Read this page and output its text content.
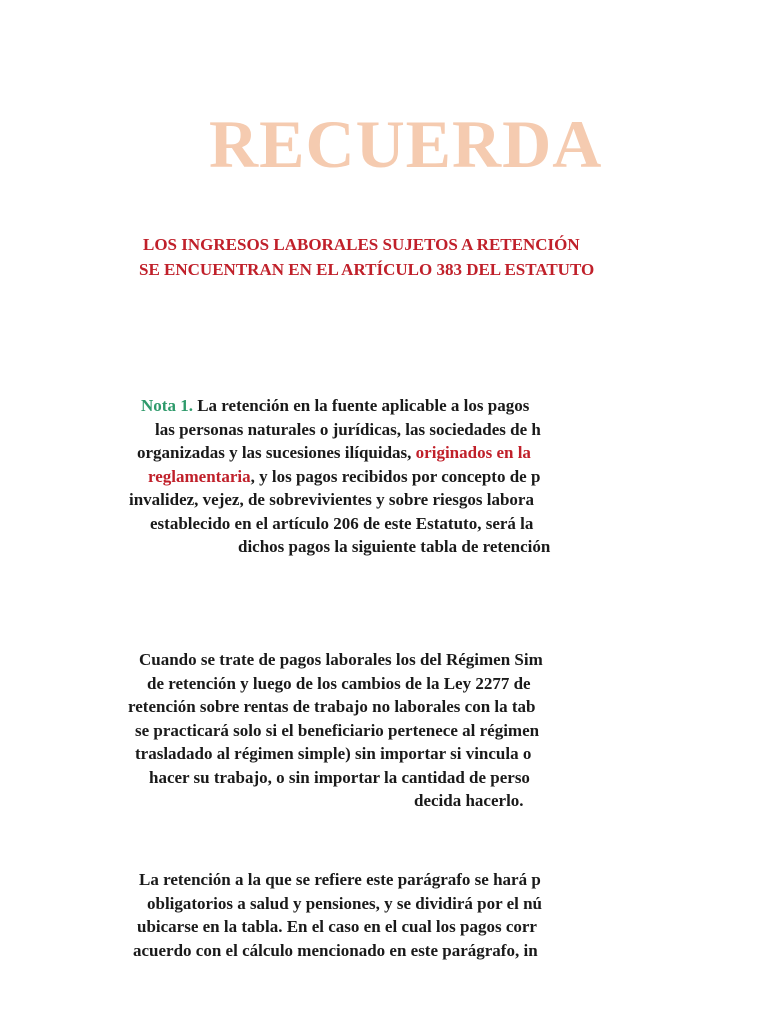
RECUERDA

LOS INGRESOS LABORALES SUJETOS A RETENCIÓN
SE ENCUENTRAN EN EL ARTÍCULO 383 DEL ESTATUTO

Nota 1. La retención en la fuente aplicable a los pagos
las personas naturales o jurídicas, las sociedades de h
organizadas y las sucesiones ilíquidas, originados en la
reglamentaria, y los pagos recibidos por concepto de p
invalidez, vejez, de sobrevivientes y sobre riesgos labora
establecido en el artículo 206 de este Estatuto, será la
dichos pagos la siguiente tabla de retención

Cuando se trate de pagos laborales los del Régimen Sim
de retención y luego de los cambios de la Ley 2277 de
retención sobre rentas de trabajo no laborales con la tab
se practicará solo si el beneficiario pertenece al régimen
trasladado al régimen simple) sin importar si vincula o
hacer su trabajo, o sin importar la cantidad de perso
decida hacerlo.

La retención a la que se refiere este parágrafo se hará p
obligatorios a salud y pensiones, y se dividirá por el nú
ubicarse en la tabla. En el caso en el cual los pagos corr
acuerdo con el cálculo mencionado en este parágrafo, in
